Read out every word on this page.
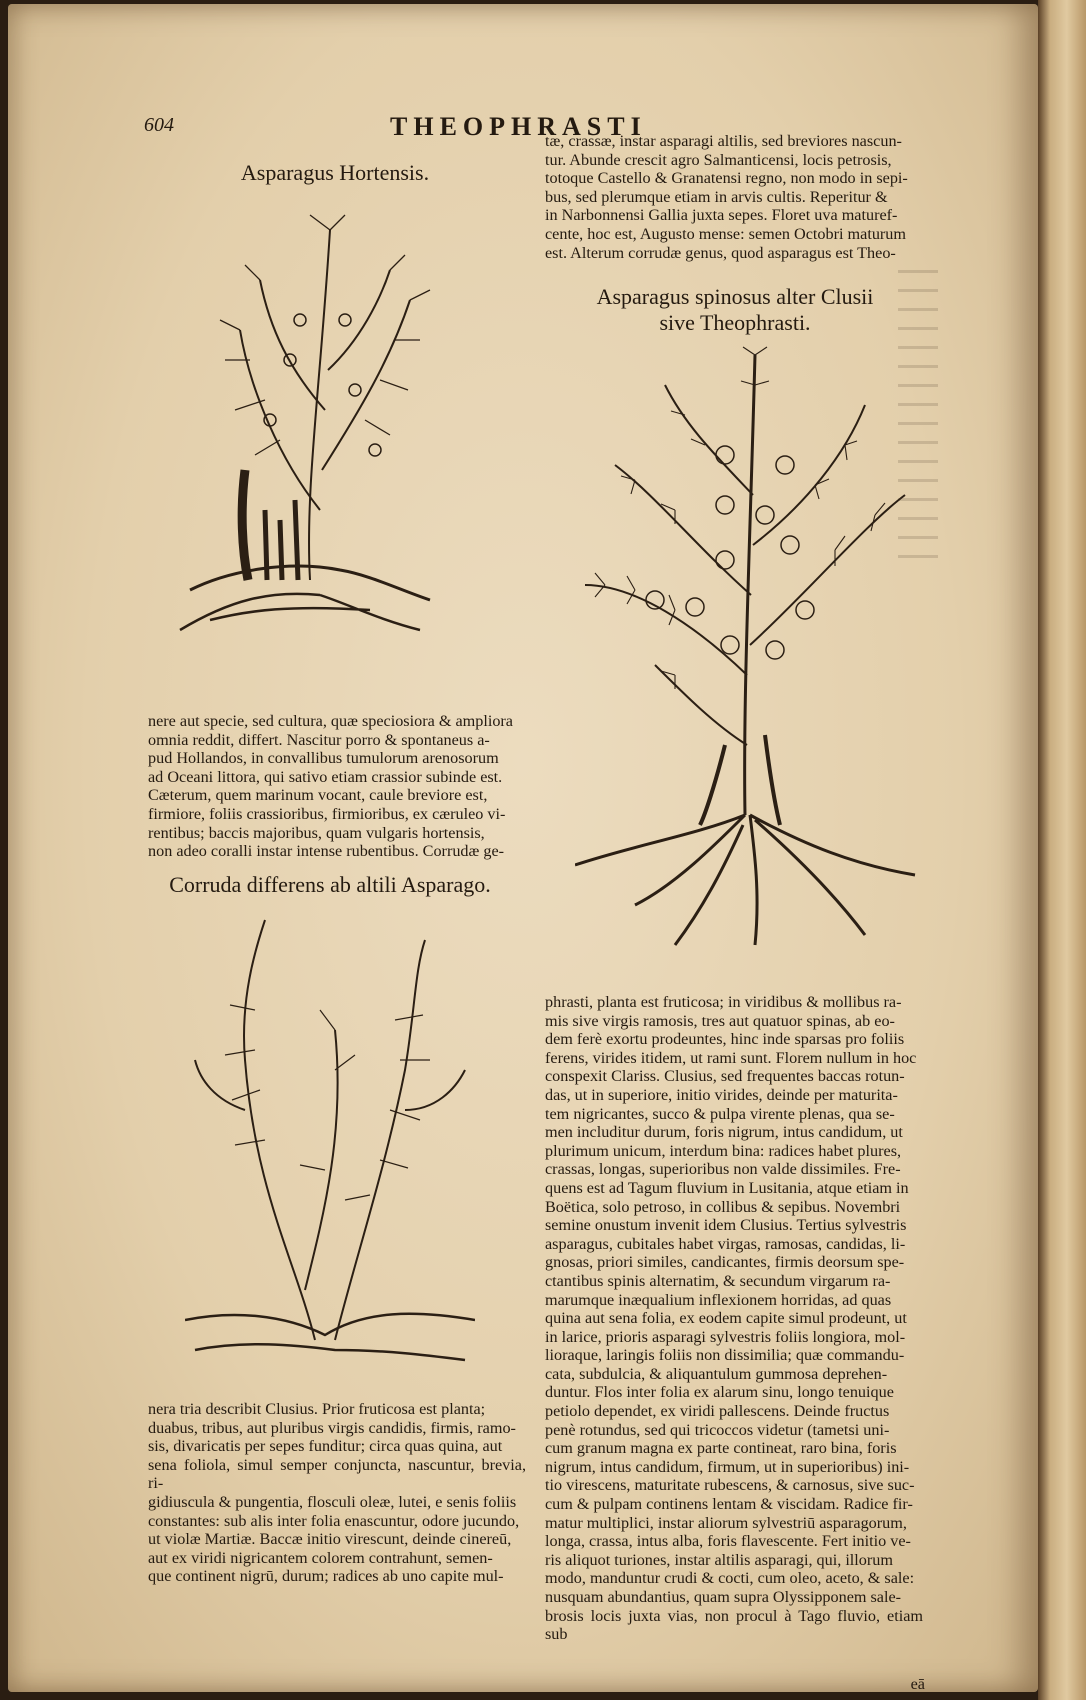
604	THEOPHRASTI
Asparagus Hortensis.
nere aut specie, sed cultura, quæ speciosiora & ampliora
omnia reddit, differt. Nascitur porro & spontaneus a-
pud Hollandos, in convallibus tumulorum arenosorum
ad Oceani littora, qui sativo etiam crassior subinde est.
Cæterum, quem marinum vocant, caule breviore est,
firmiore, foliis crassioribus, firmioribus, ex cæruleo vi-
rentibus; baccis majoribus, quam vulgaris hortensis,
non adeo coralli instar intense rubentibus. Corrudæ ge-
Corruda differens ab altili Asparago.
nera tria describit Clusius. Prior fruticosa est planta;
duabus, tribus, aut pluribus virgis candidis, firmis, ramo-
sis, divaricatis per sepes funditur; circa quas quina, aut
sena foliola, simul semper conjuncta, nascuntur, brevia, ri-
gidiuscula & pungentia, flosculi oleæ, lutei, e senis foliis
constantes: sub alis inter folia enascuntur, odore jucundo,
ut violæ Martiæ. Baccæ initio virescunt, deinde cinereū,
aut ex viridi nigricantem colorem contrahunt, semen-
que continent nigrū, durum; radices ab uno capite mul-
tæ, crassæ, instar asparagi altilis, sed breviores nascun-
tur. Abunde crescit agro Salmanticensi, locis petrosis,
totoque Castello & Granatensi regno, non modo in sepi-
bus, sed plerumque etiam in arvis cultis. Reperitur &
in Narbonnensi Gallia juxta sepes. Floret uva maturef-
cente, hoc est, Augusto mense: semen Octobri maturum
est. Alterum corrudæ genus, quod asparagus est Theo-
Asparagus spinosus alter Clusii
sive Theophrasti.
phrasti, planta est fruticosa; in viridibus & mollibus ra-
mis sive virgis ramosis, tres aut quatuor spinas, ab eo-
dem ferè exortu prodeuntes, hinc inde sparsas pro foliis
ferens, virides itidem, ut rami sunt. Florem nullum in hoc
conspexit Clariss. Clusius, sed frequentes baccas rotun-
das, ut in superiore, initio virides, deinde per maturita-
tem nigricantes, succo & pulpa virente plenas, qua se-
men includitur durum, foris nigrum, intus candidum, ut
plurimum unicum, interdum bina: radices habet plures,
crassas, longas, superioribus non valde dissimiles. Fre-
quens est ad Tagum fluvium in Lusitania, atque etiam in
Boëtica, solo petroso, in collibus & sepibus. Novembri
semine onustum invenit idem Clusius. Tertius sylvestris
asparagus, cubitales habet virgas, ramosas, candidas, li-
gnosas, priori similes, candicantes, firmis deorsum spe-
ctantibus spinis alternatim, & secundum virgarum ra-
marumque inæqualium inflexionem horridas, ad quas
quina aut sena folia, ex eodem capite simul prodeunt, ut
in larice, prioris asparagi sylvestris foliis longiora, mol-
lioraque, laringis foliis non dissimilia; quæ commandu-
cata, subdulcia, & aliquantulum gummosa deprehen-
duntur. Flos inter folia ex alarum sinu, longo tenuique
petiolo dependet, ex viridi pallescens. Deinde fructus
penè rotundus, sed qui tricoccos videtur (tametsi uni-
cum granum magna ex parte contineat, raro bina, foris
nigrum, intus candidum, firmum, ut in superioribus) ini-
tio virescens, maturitate rubescens, & carnosus, sive suc-
cum & pulpam continens lentam & viscidam. Radice fir-
matur multiplici, instar aliorum sylvestriū asparagorum,
longa, crassa, intus alba, foris flavescente. Fert initio ve-
ris aliquot turiones, instar altilis asparagi, qui, illorum
modo, manduntur crudi & cocti, cum oleo, aceto, & sale:
nusquam abundantius, quam supra Olyssipponem sale-
brosis locis juxta vias, non procul à Tago fluvio, etiam sub
eā
